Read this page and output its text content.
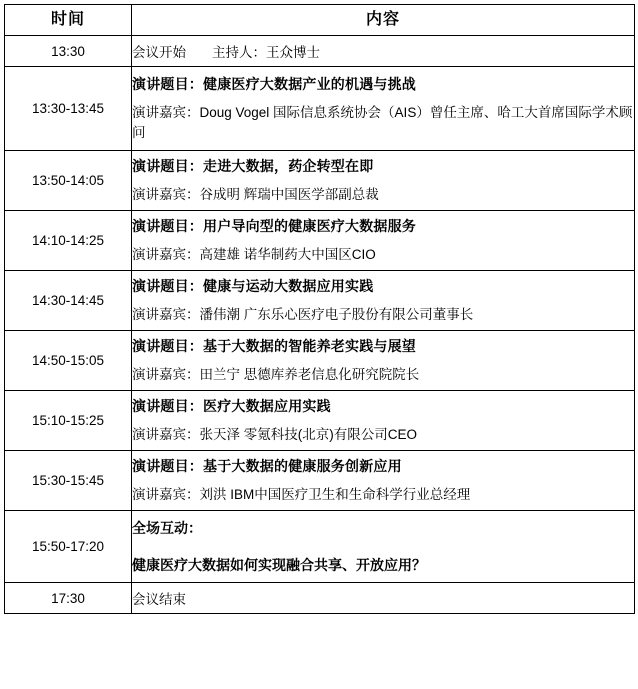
时间	内容
13:30	会议开始 主持人：王众博士
13:30-13:45	演讲题目：健康医疗大数据产业的机遇与挑战
演讲嘉宾：Doug Vogel 国际信息系统协会（AIS）曾任主席、哈工大首席国际学术顾问

13:50-14:05	演讲题目：走进大数据，药企转型在即
演讲嘉宾：谷成明 辉瑞中国医学部副总裁

14:10-14:25	演讲题目：用户导向型的健康医疗大数据服务
演讲嘉宾：高建雄 诺华制药大中国区CIO

14:30-14:45	演讲题目：健康与运动大数据应用实践
演讲嘉宾：潘伟潮 广东乐心医疗电子股份有限公司董事长

14:50-15:05	演讲题目：基于大数据的智能养老实践与展望
演讲嘉宾：田兰宁 思德库养老信息化研究院院长

15:10-15:25	演讲题目：医疗大数据应用实践
演讲嘉宾：张天泽 零氪科技(北京)有限公司CEO

15:30-15:45	演讲题目：基于大数据的健康服务创新应用
演讲嘉宾：刘洪 IBM中国医疗卫生和生命科学行业总经理

15:50-17:20	全场互动：
健康医疗大数据如何实现融合共享、开放应用？

17:30	会议结束
